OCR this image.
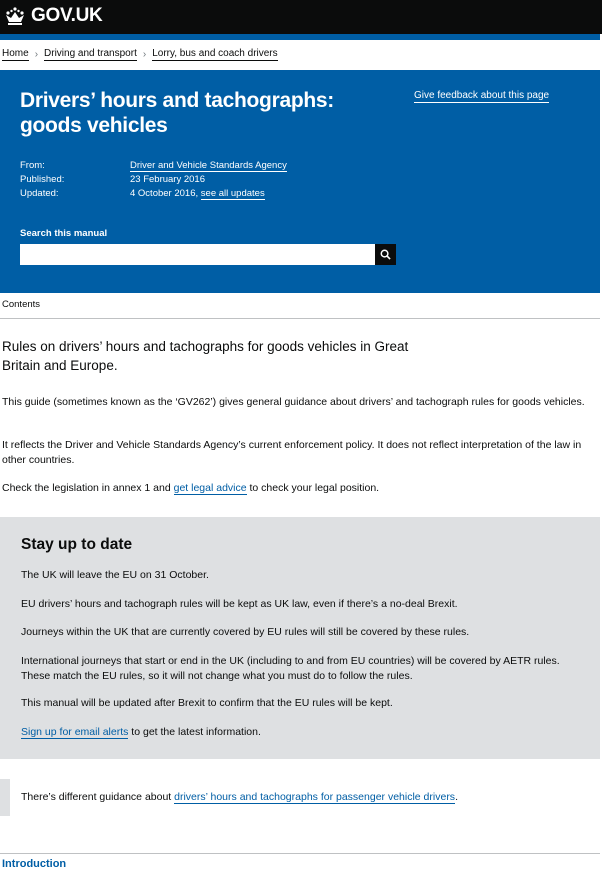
GOV.UK
Home › Driving and transport › Lorry, bus and coach drivers
Drivers’ hours and tachographs: goods vehicles
Give feedback about this page
From:	Driver and Vehicle Standards Agency
Published:	23 February 2016
Updated:	4 October 2016, see all updates
Search this manual
Contents

Rules on drivers’ hours and tachographs for goods vehicles in Great Britain and Europe.

This guide (sometimes known as the ‘GV262’) gives general guidance about drivers’ and tachograph rules for goods vehicles.

It reflects the Driver and Vehicle Standards Agency’s current enforcement policy. It does not reflect interpretation of the law in other countries.

Check the legislation in annex 1 and get legal advice to check your legal position.

Stay up to date

The UK will leave the EU on 31 October.

EU drivers’ hours and tachograph rules will be kept as UK law, even if there’s a no-deal Brexit.

Journeys within the UK that are currently covered by EU rules will still be covered by these rules.

International journeys that start or end in the UK (including to and from EU countries) will be covered by AETR rules. These match the EU rules, so it will not change what you must do to follow the rules.

This manual will be updated after Brexit to confirm that the EU rules will be kept.

Sign up for email alerts to get the latest information.

There’s different guidance about drivers’ hours and tachographs for passenger vehicle drivers.

Introduction
